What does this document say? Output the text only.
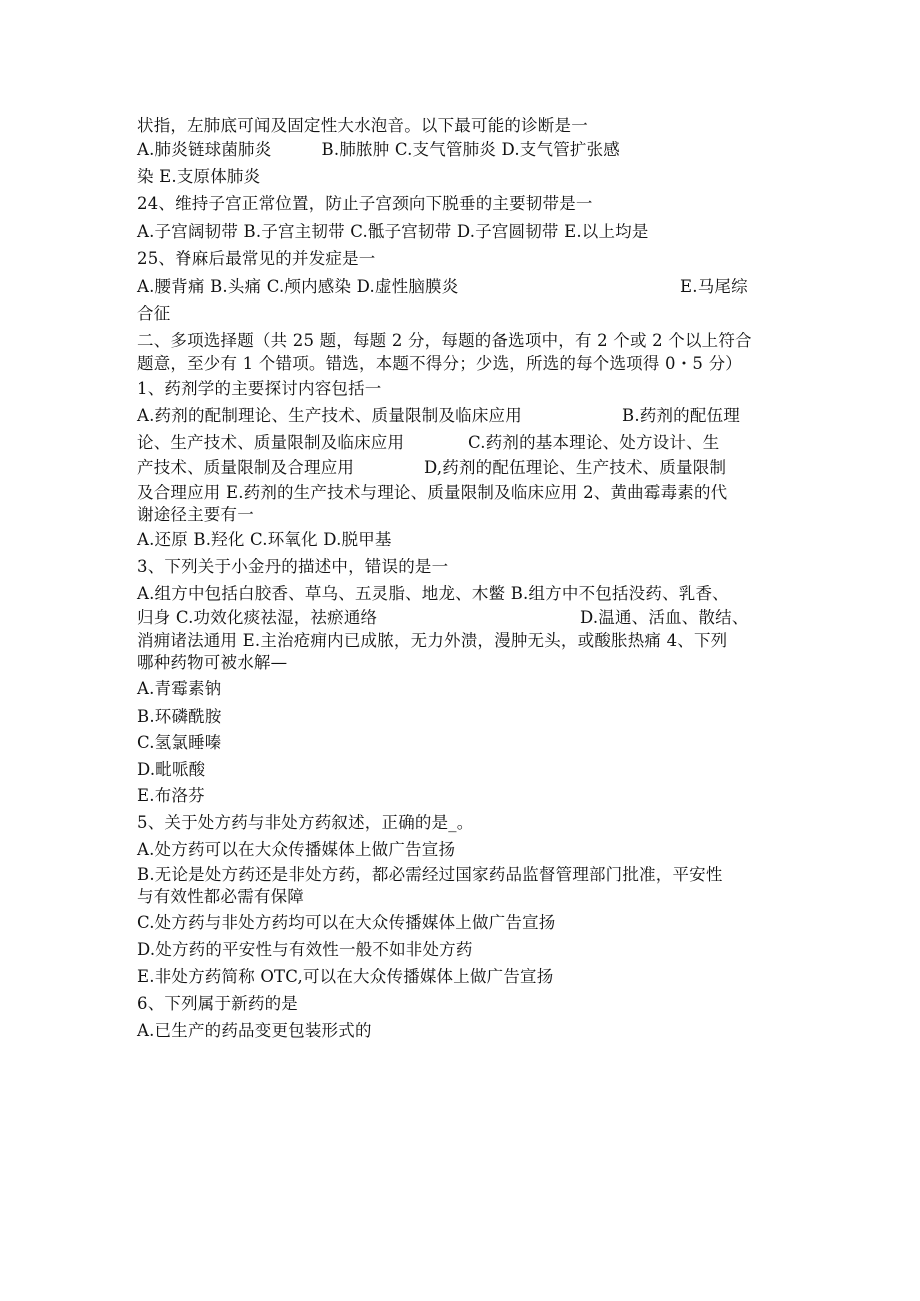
状指，左肺底可闻及固定性大水泡音。以下最可能的诊断是一
A.肺炎链球菌肺炎　　　B.肺脓肿 C.支气管肺炎 D.支气管扩张感
染 E.支原体肺炎
24、维持子宫正常位置，防止子宫颈向下脱垂的主要韧带是一
A.子宫阔韧带 B.子宫主韧带 C.骶子宫韧带 D.子宫圆韧带 E.以上均是
25、脊麻后最常见的并发症是一
A.腰背痛 B.头痛 C.颅内感染 D.虚性脑膜炎	E.马尾综
合征
二、多项选择题（共 25 题，每题 2 分，每题的备选项中，有 2 个或 2 个以上符合
题意，至少有 1 个错项。错选，本题不得分；少选，所选的每个选项得 0・5 分）
1、药剂学的主要探讨内容包括一
A.药剂的配制理论、生产技术、质量限制及临床应用	B.药剂的配伍理
论、生产技术、质量限制及临床应用	C.药剂的基本理论、处方设计、生
产技术、质量限制及合理应用	D,药剂的配伍理论、生产技术、质量限制
及合理应用 E.药剂的生产技术与理论、质量限制及临床应用 2、黄曲霉毒素的代
谢途径主要有一
A.还原 B.羟化 C.环氧化 D.脱甲基
3、下列关于小金丹的描述中，错误的是一
A.组方中包括白胶香、草乌、五灵脂、地龙、木鳖 B.组方中不包括没药、乳香、
归身 C.功效化痰祛湿，祛瘀通络	D.温通、活血、散结、
消痈诸法通用 E.主治疮痈内已成脓，无力外溃，漫肿无头，或酸胀热痛 4、下列
哪种药物可被水解—
A.青霉素钠
B.环磷酰胺
C.氢氯睡嗪
D.毗哌酸
E.布洛芬
5、关于处方药与非处方药叙述，正确的是_。
A.处方药可以在大众传播媒体上做广告宣扬
B.无论是处方药还是非处方药，都必需经过国家药品监督管理部门批准，平安性
与有效性都必需有保障
C.处方药与非处方药均可以在大众传播媒体上做广告宣扬
D.处方药的平安性与有效性一般不如非处方药
E.非处方药简称 OTC,可以在大众传播媒体上做广告宣扬
6、下列属于新药的是
A.已生产的药品变更包装形式的
